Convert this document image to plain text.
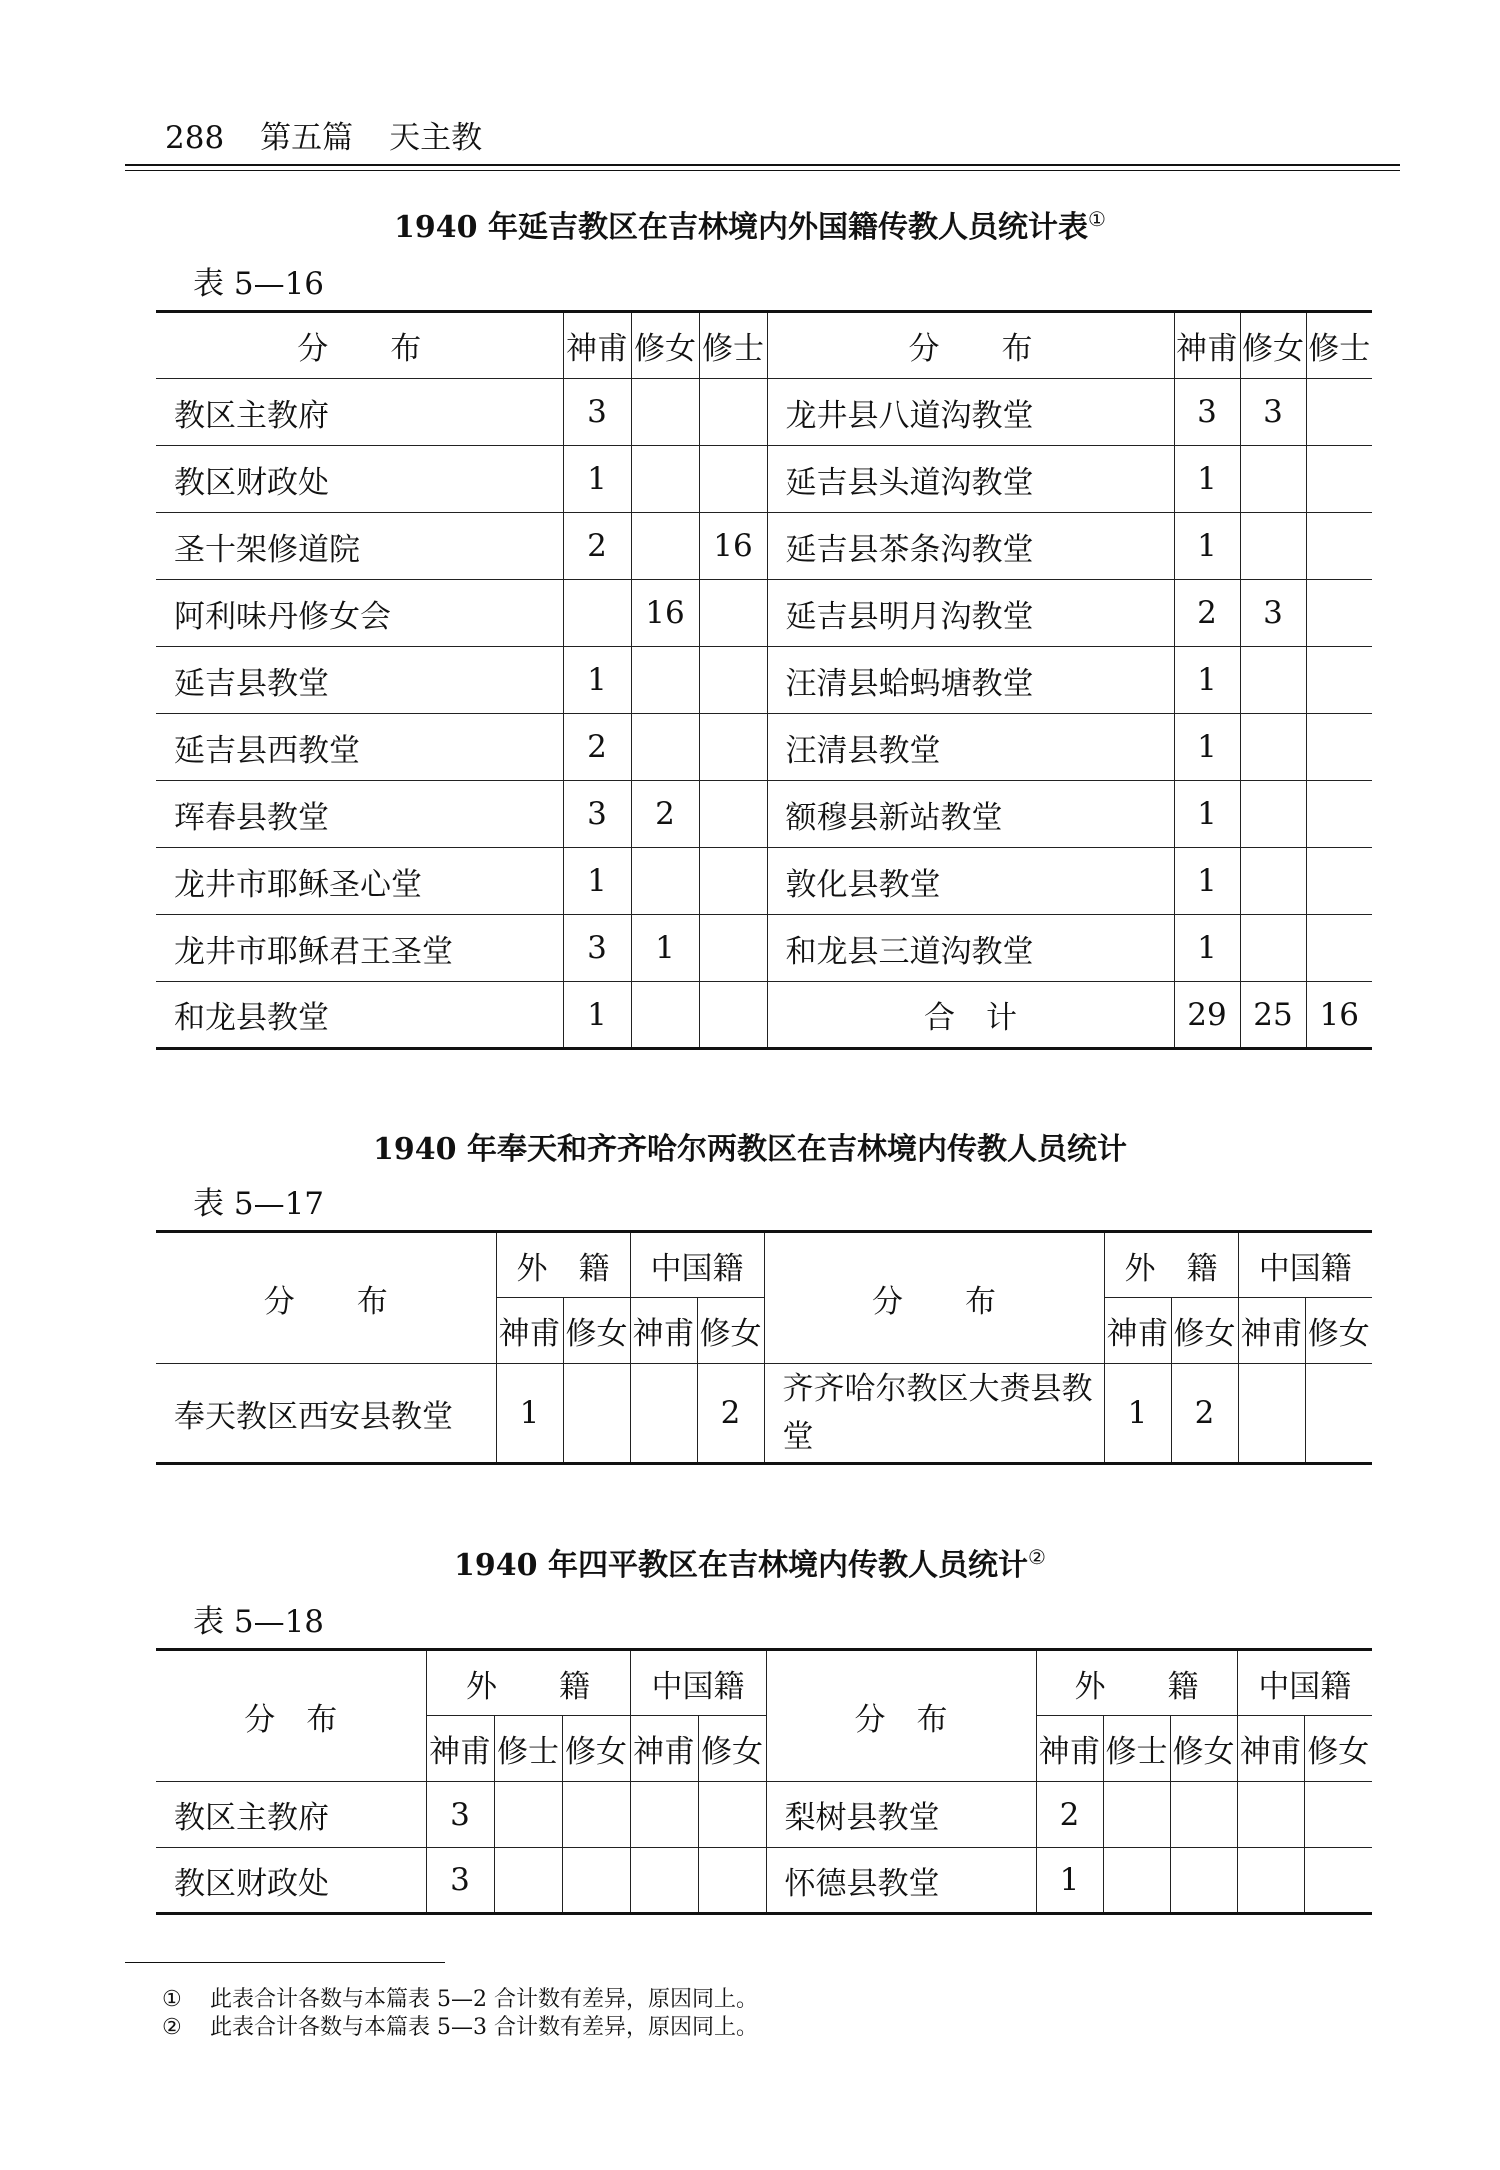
288 第五篇 天主教
1940 年延吉教区在吉林境内外国籍传教人员统计表①
表 5—16
分　　布	神甫	修女	修士	分　　布	神甫	修女	修士
教区主教府	3			龙井县八道沟教堂	3	3	
教区财政处	1			延吉县头道沟教堂	1		
圣十架修道院	2		16	延吉县茶条沟教堂	1		
阿利味丹修女会		16		延吉县明月沟教堂	2	3	
延吉县教堂	1			汪清县蛤蚂塘教堂	1		
延吉县西教堂	2			汪清县教堂	1		
珲春县教堂	3	2		额穆县新站教堂	1		
龙井市耶稣圣心堂	1			敦化县教堂	1		
龙井市耶稣君王圣堂	3	1		和龙县三道沟教堂	1		
和龙县教堂	1			合　计	29	25	16
1940 年奉天和齐齐哈尔两教区在吉林境内传教人员统计
表 5—17
分　　布	外　籍		中国籍		分　　布	外　籍		中国籍	
	神甫	修女	神甫	修女		神甫	修女	神甫	修女
奉天教区西安县教堂	1			2	齐齐哈尔教区大赉县教堂	1	2		
1940 年四平教区在吉林境内传教人员统计②
表 5—18
分　布	外　　籍			中国籍		分　布	外　　籍			中国籍	
	神甫	修士	修女	神甫	修女		神甫	修士	修女	神甫	修女
教区主教府	3					梨树县教堂	2				
教区财政处	3					怀德县教堂	1				
① 此表合计各数与本篇表 5—2 合计数有差异，原因同上。
② 此表合计各数与本篇表 5—3 合计数有差异，原因同上。
